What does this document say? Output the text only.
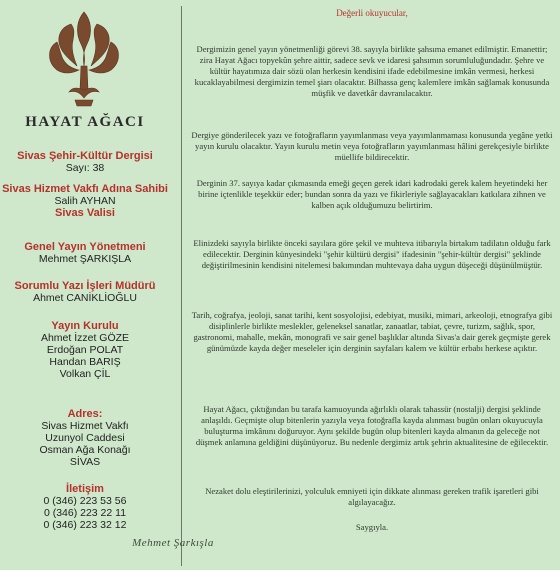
HAYAT AĞACI
Sivas Şehir-Kültür Dergisi
Sayı: 38
Sivas Hizmet Vakfı Adına Sahibi
Salih AYHAN
Sivas Valisi
Genel Yayın Yönetmeni
Mehmet ŞARKIŞLA
Sorumlu Yazı İşleri Müdürü
Ahmet CANİKLİOĞLU
Yayın Kurulu
Ahmet İzzet GÖZE
Erdoğan POLAT
Handan BARIŞ
Volkan ÇİL
Adres:
Sivas Hizmet Vakfı
Uzunyol Caddesi
Osman Ağa Konağı
SİVAS
İletişim
0 (346) 223 53 56
0 (346) 223 22 11
0 (346) 223 32 12

Değerli okuyucular,

Dergimizin genel yayın yönetmenliği görevi 38. sayıyla birlikte şahsıma emanet edilmiştir. Emanettir; zira Hayat Ağacı topyekûn şehre aittir, sadece sevk ve idaresi şahsımın sorumluluğundadır. Şehre ve kültür hayatımıza dair sözü olan herkesin kendisini ifade edebilmesine imkân vermesi, herkesi kucaklayabilmesi dergimizin temel şiarı olacaktır. Bilhassa genç kalemlere imkân sağlamak konusunda müşfik ve davetkâr davranılacaktır.

Dergiye gönderilecek yazı ve fotoğrafların yayımlanması veya yayımlanmaması konusunda yegâne yetki yayın kurulu olacaktır. Yayın kurulu metin veya fotoğrafların yayımlanması hâlini gerekçesiyle birlikte müellife bildirecektir.

Derginin 37. sayıya kadar çıkmasında emeği geçen gerek idari kadrodaki gerek kalem heyetindeki her birine içtenlikle teşekkür eder; bundan sonra da yazı ve fikirleriyle sağlayacakları katkılara zihnen ve kalben açık olduğumuzu belirtirim.

Elinizdeki sayıyla birlikte önceki sayılara göre şekil ve muhteva itibarıyla birtakım tadilatın olduğu fark edilecektir. Derginin künyesindeki "şehir kültürü dergisi" ifadesinin "şehir-kültür dergisi" şeklinde değiştirilmesinin kendisini nitelemesi bakımından muhtevaya daha uygun düşeceği düşünülmüştür.

Tarih, coğrafya, jeoloji, sanat tarihi, kent sosyolojisi, edebiyat, musiki, mimari, arkeoloji, etnografya gibi disiplinlerle birlikte meslekler, geleneksel sanatlar, zanaatlar, tabiat, çevre, turizm, sağlık, spor, gastronomi, mahalle, mekân, monografi ve sair genel başlıklar altında Sivas'a dair gerek geçmişte gerek günümüzde kayda değer meseleler için derginin sayfaları kalem ve kültür erbabı herkese açıktır.

Hayat Ağacı, çıktığından bu tarafa kamuoyunda ağırlıklı olarak tahassür (nostalji) dergisi şeklinde anlaşıldı. Geçmişte olup bitenlerin yazıyla veya fotoğrafla kayda alınması bugün onları okuyucuyla buluşturma imkânını doğuruyor. Aynı şekilde bugün olup bitenleri kayda almanın da geleceğe not düşmek anlamına geldiğini düşünüyoruz. Bu nedenle dergimiz artık şehrin aktualitesine de eğilecektir.

Nezaket dolu eleştirilerinizi, yolculuk emniyeti için dikkate alınması gereken trafik işaretleri gibi algılayacağız.

Saygıyla.

Mehmet Şarkışla
